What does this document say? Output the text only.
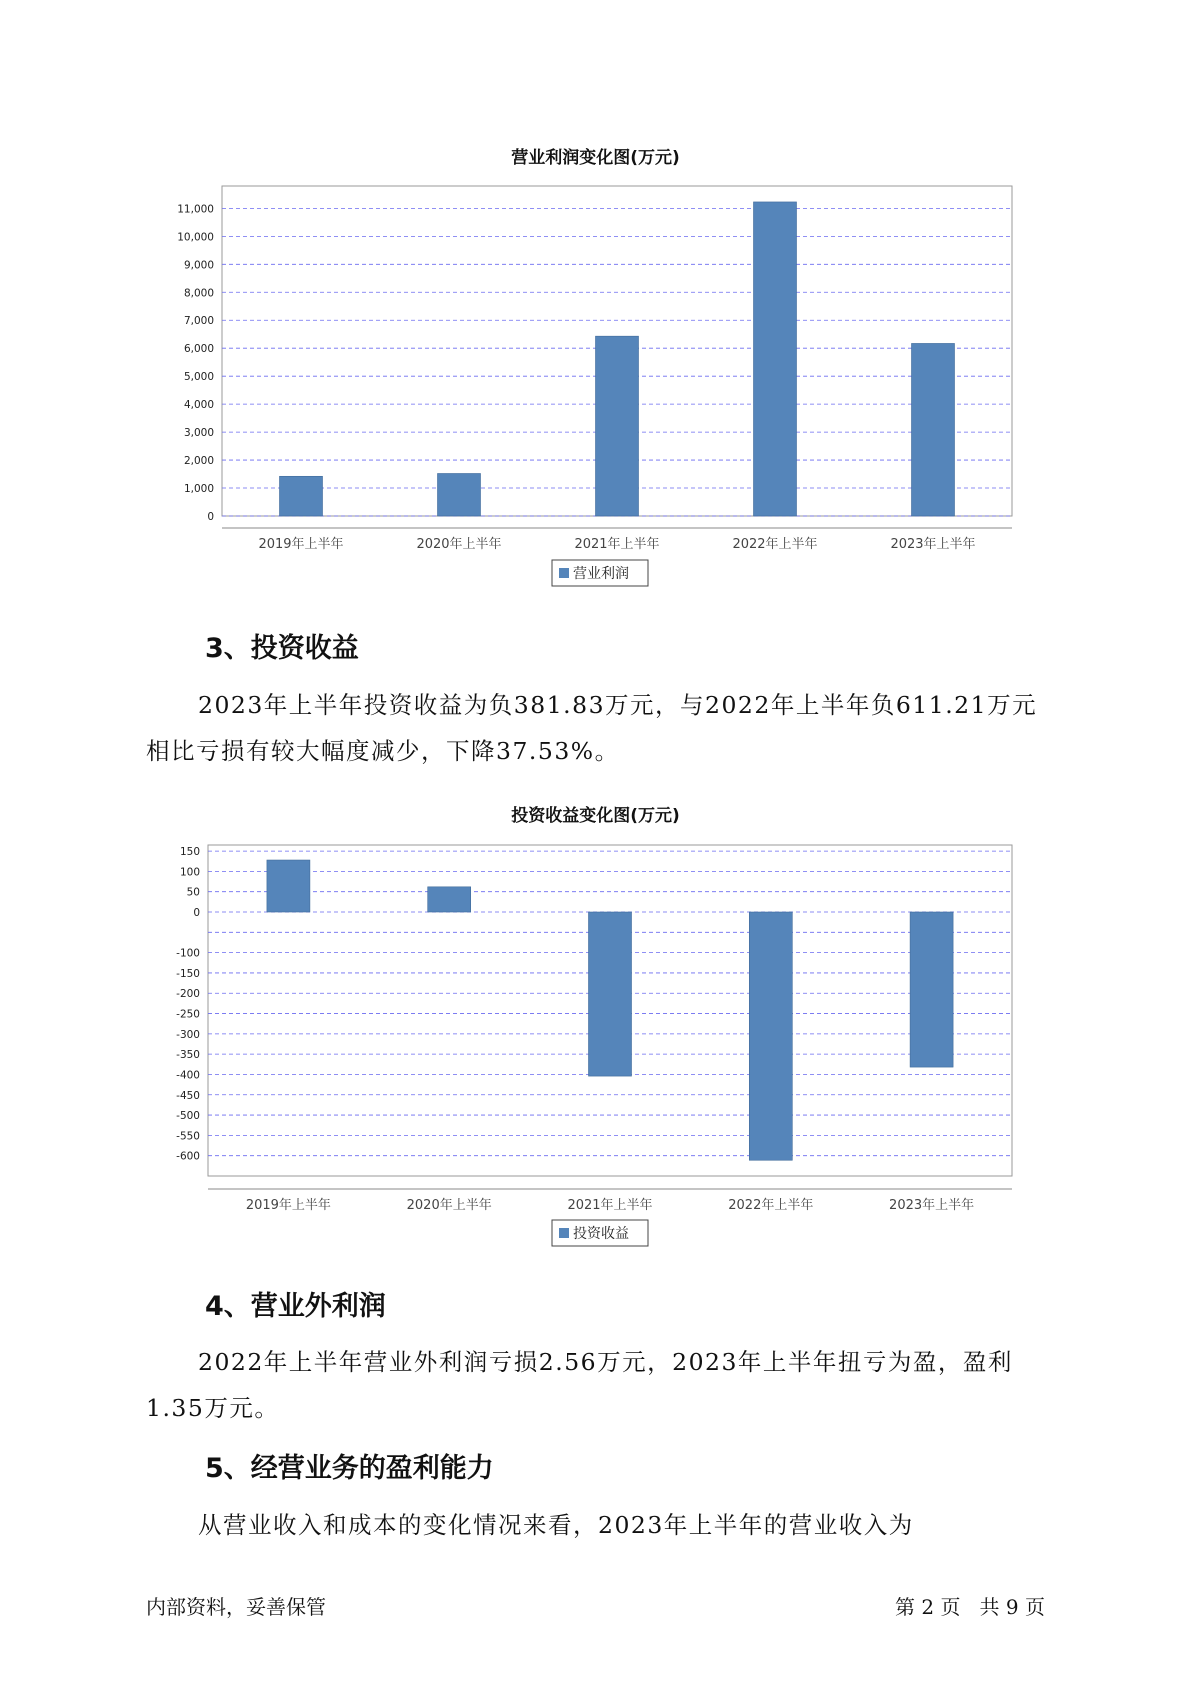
营业利润变化图(万元)
0
1,000
2,000
3,000
4,000
5,000
6,000
7,000
8,000
9,000
10,000
11,000
2019年上半年	2020年上半年	2021年上半年	2022年上半年	2023年上半年
营业利润
3、投资收益

2023年上半年投资收益为负381.83万元，与2022年上半年负611.21万元相比亏损有较大幅度减少，下降37.53%。

投资收益变化图(万元)
150
100
50
0
-100
-150
-200
-250
-300
-350
-400
-450
-500
-550
-600
2019年上半年	2020年上半年	2021年上半年	2022年上半年	2023年上半年
投资收益
4、营业外利润

2022年上半年营业外利润亏损2.56万元，2023年上半年扭亏为盈，盈利1.35万元。

5、经营业务的盈利能力

从营业收入和成本的变化情况来看，2023年上半年的营业收入为

内部资料，妥善保管	第 2 页   共 9 页
